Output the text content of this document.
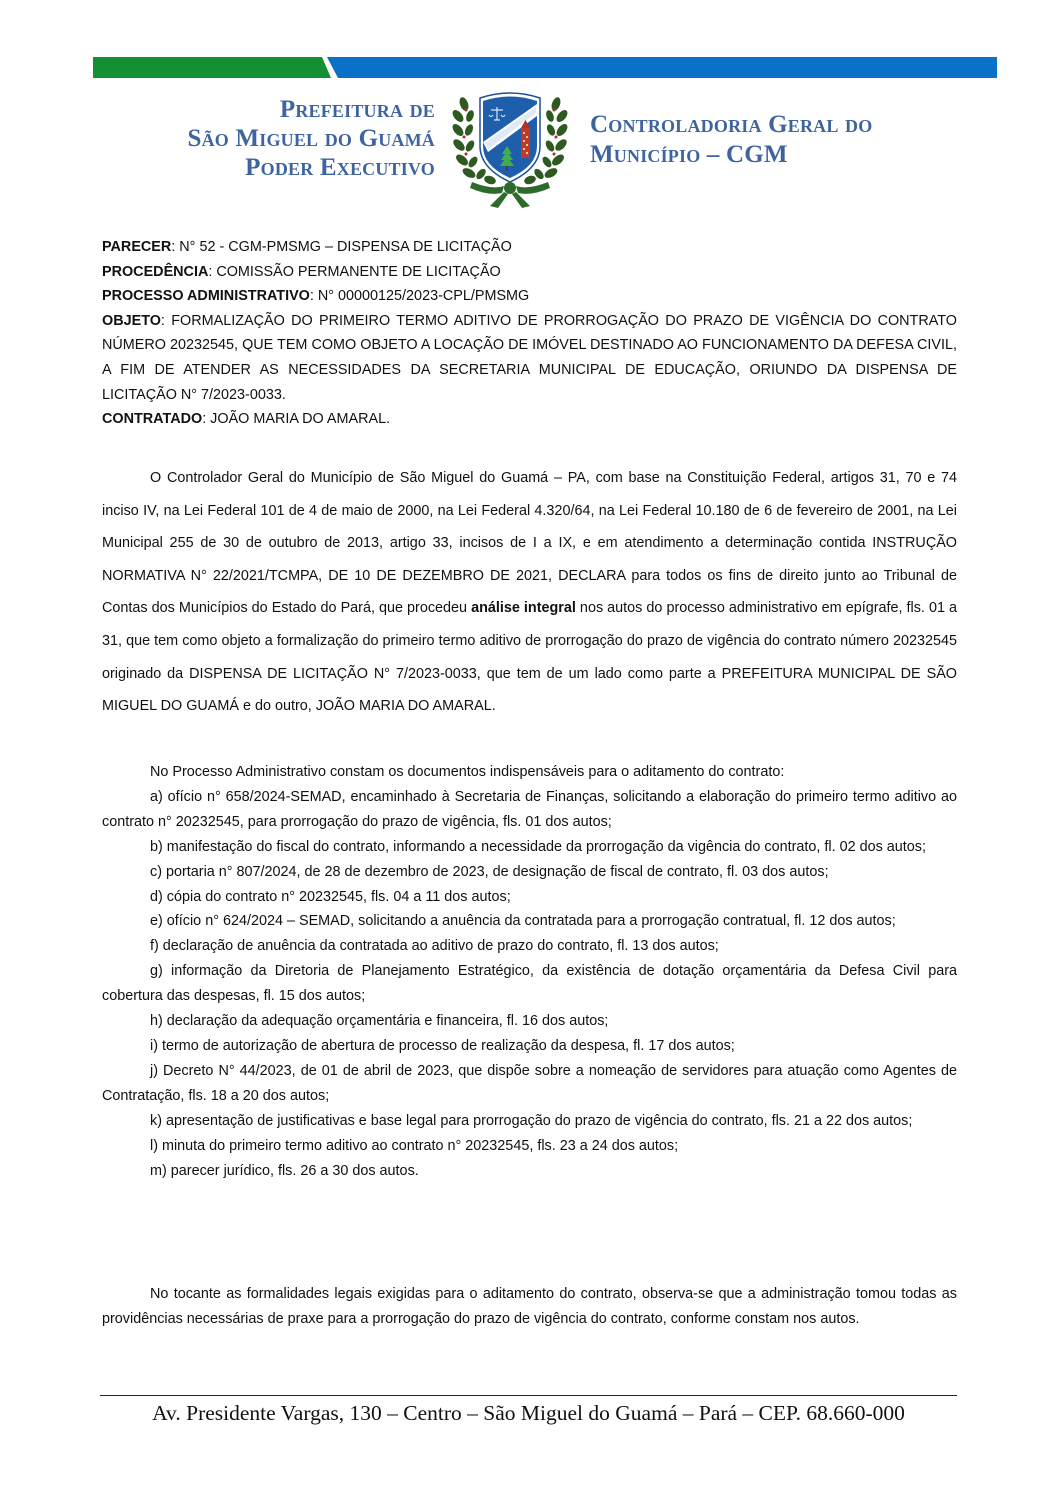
Prefeitura de
São Miguel do Guamá
Poder Executivo
Controladoria Geral do
Município – CGM

PARECER: N° 52 - CGM-PMSMG – DISPENSA DE LICITAÇÃO

PROCEDÊNCIA: COMISSÃO PERMANENTE DE LICITAÇÃO

PROCESSO ADMINISTRATIVO: N° 00000125/2023-CPL/PMSMG

OBJETO: FORMALIZAÇÃO DO PRIMEIRO TERMO ADITIVO DE PRORROGAÇÃO DO PRAZO DE VIGÊNCIA DO CONTRATO NÚMERO 20232545, QUE TEM COMO OBJETO A LOCAÇÃO DE IMÓVEL DESTINADO AO FUNCIONAMENTO DA DEFESA CIVIL, A FIM DE ATENDER AS NECESSIDADES DA SECRETARIA MUNICIPAL DE EDUCAÇÃO, ORIUNDO DA DISPENSA DE LICITAÇÃO N° 7/2023-0033.

CONTRATADO: JOÃO MARIA DO AMARAL.

O Controlador Geral do Município de São Miguel do Guamá – PA, com base na Constituição Federal, artigos 31, 70 e 74 inciso IV, na Lei Federal 101 de 4 de maio de 2000, na Lei Federal 4.320/64, na Lei Federal 10.180 de 6 de fevereiro de 2001, na Lei Municipal 255 de 30 de outubro de 2013, artigo 33, incisos de I a IX, e em atendimento a determinação contida INSTRUÇÃO NORMATIVA N° 22/2021/TCMPA, DE 10 DE DEZEMBRO DE 2021, DECLARA para todos os fins de direito junto ao Tribunal de Contas dos Municípios do Estado do Pará, que procedeu análise integral nos autos do processo administrativo em epígrafe, fls. 01 a 31, que tem como objeto a formalização do primeiro termo aditivo de prorrogação do prazo de vigência do contrato número 20232545 originado da DISPENSA DE LICITAÇÃO N° 7/2023-0033, que tem de um lado como parte a PREFEITURA MUNICIPAL DE SÃO MIGUEL DO GUAMÁ e do outro, JOÃO MARIA DO AMARAL.

No Processo Administrativo constam os documentos indispensáveis para o aditamento do contrato:

a) ofício n° 658/2024-SEMAD, encaminhado à Secretaria de Finanças, solicitando a elaboração do primeiro termo aditivo ao contrato n° 20232545, para prorrogação do prazo de vigência, fls. 01 dos autos;

b) manifestação do fiscal do contrato, informando a necessidade da prorrogação da vigência do contrato, fl. 02 dos autos;

c) portaria n° 807/2024, de 28 de dezembro de 2023, de designação de fiscal de contrato, fl. 03 dos autos;

d) cópia do contrato n° 20232545, fls. 04 a 11 dos autos;

e) ofício n° 624/2024 – SEMAD, solicitando a anuência da contratada para a prorrogação contratual, fl. 12 dos autos;

f) declaração de anuência da contratada ao aditivo de prazo do contrato, fl. 13 dos autos;

g) informação da Diretoria de Planejamento Estratégico, da existência de dotação orçamentária da Defesa Civil para cobertura das despesas, fl. 15 dos autos;

h) declaração da adequação orçamentária e financeira, fl. 16 dos autos;

i) termo de autorização de abertura de processo de realização da despesa, fl. 17 dos autos;

j) Decreto N° 44/2023, de 01 de abril de 2023, que dispõe sobre a nomeação de servidores para atuação como Agentes de Contratação, fls. 18 a 20 dos autos;

k) apresentação de justificativas e base legal para prorrogação do prazo de vigência do contrato, fls. 21 a 22 dos autos;

l) minuta do primeiro termo aditivo ao contrato n° 20232545, fls. 23 a 24 dos autos;

m) parecer jurídico, fls. 26 a 30 dos autos.

No tocante as formalidades legais exigidas para o aditamento do contrato, observa-se que a administração tomou todas as providências necessárias de praxe para a prorrogação do prazo de vigência do contrato, conforme constam nos autos.

Av. Presidente Vargas, 130 – Centro – São Miguel do Guamá – Pará – CEP. 68.660-000
